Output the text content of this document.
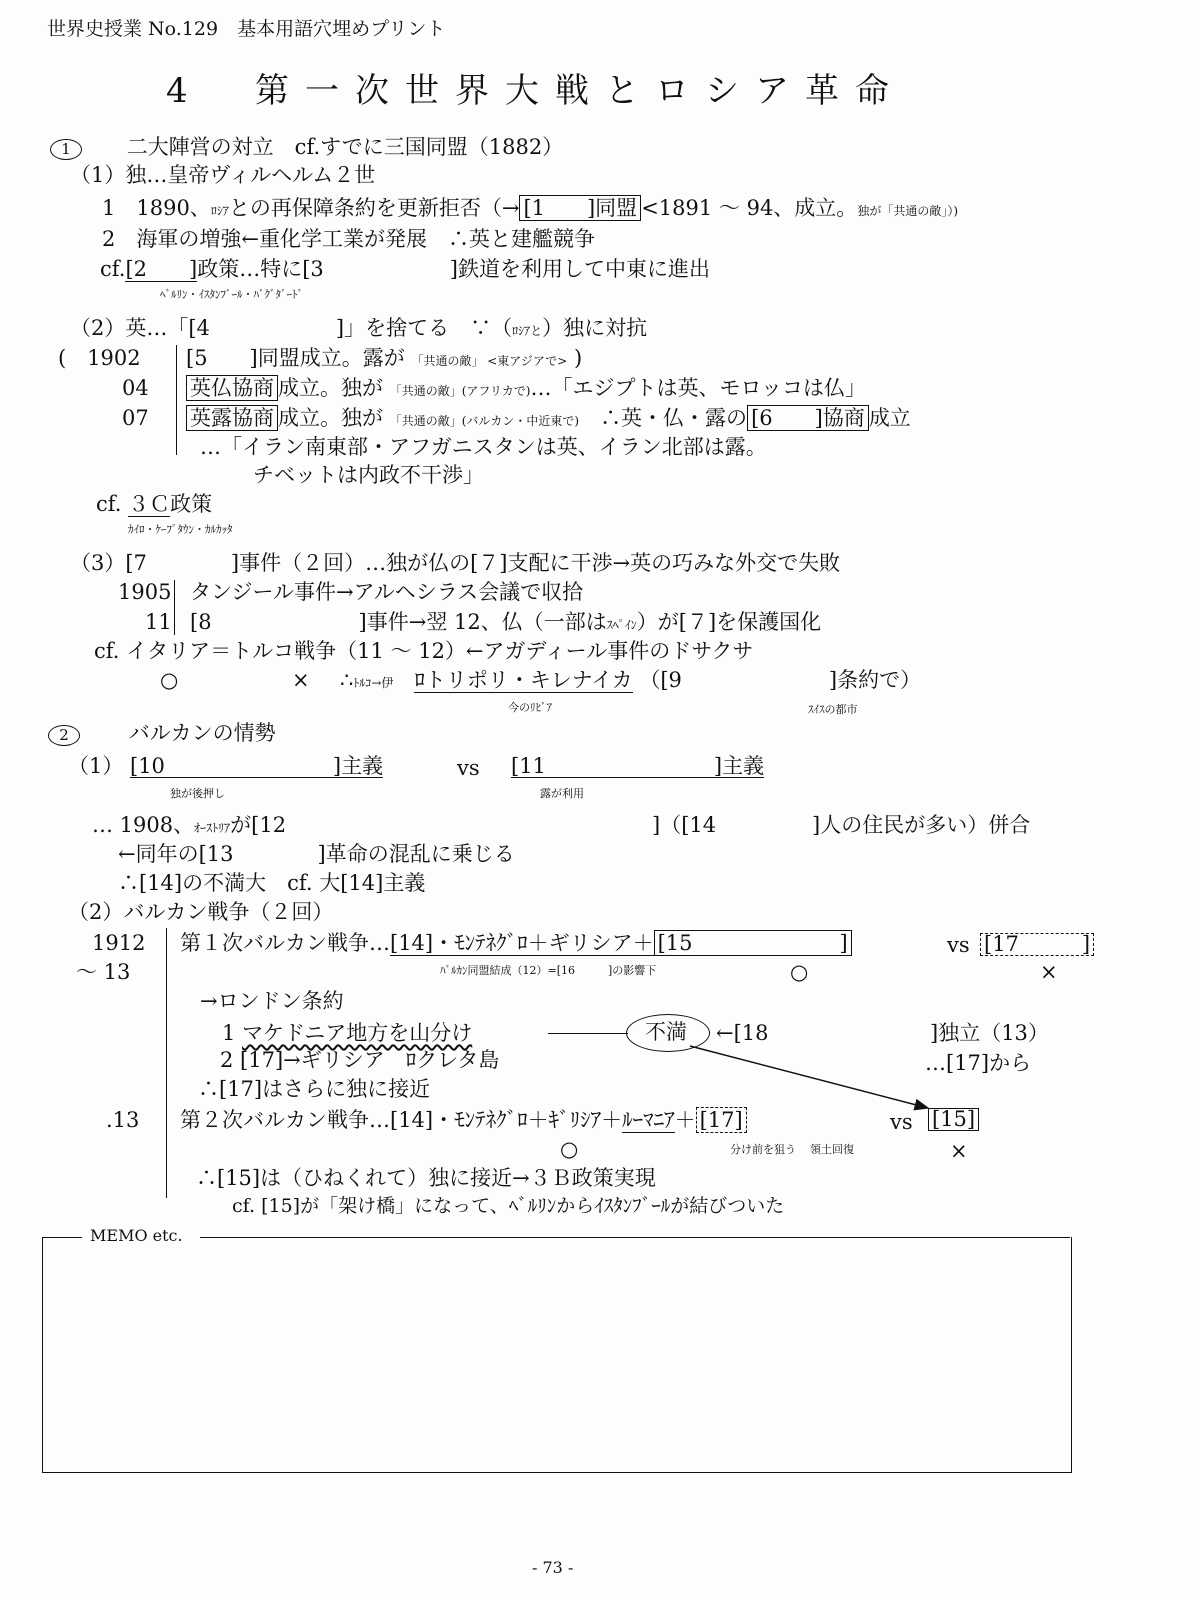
世界史授業 No.129　基本用語穴埋めプリント
4 第一次世界大戦とロシア革命
1	二大陣営の対立　cf.すでに三国同盟（1882）
（1）独…皇帝ヴィルヘルム２世
1　1890、ﾛｼｱとの再保障条約を更新拒否（→ [1　　]同盟 <1891 ～ 94、成立。独が「共通の敵」）)
2　海軍の増強←重化学工業が発展　∴英と建艦競争
cf.[2　　]政策…特に[3　　　　　　]鉄道を利用して中東に進出
ﾍﾞﾙﾘﾝ・ｲｽﾀﾝﾌﾞｰﾙ・ﾊﾞｸﾞﾀﾞｰﾄﾞ
（2）英…「[4　　　　　　]」を捨てる　∵（ﾛｼｱと）独に対抗
(　1902 [5　　]同盟成立。露が 「共通の敵」 <東アジアで> )
04 英仏協商 成立。独が 「共通の敵」(アフリカで)…「エジプトは英、モロッコは仏」
07 英露協商 成立。独が 「共通の敵」(バルカン・中近東で)　 ∴英・仏・露の [6　　]協商 成立
…「イラン南東部・アフガニスタンは英、イラン北部は露。
チベットは内政不干渉」
cf. ３Ｃ政策
ｶｲﾛ・ｹｰﾌﾟﾀｳﾝ・ｶﾙｶｯﾀ
（3）[7　　　　]事件（２回）…独が仏の[７]支配に干渉→英の巧みな外交で失敗
1905 タンジール事件→アルヘシラス会議で収拾
11 [8　　　　　　　]事件→翌 12、仏（一部はｽﾍﾟｲﾝ）が[７]を保護国化
cf. イタリア＝トルコ戦争（11 ～ 12）←アガディール事件のドサクサ
○	× ∴ﾄﾙｺ→伊　 ﾛトリポリ・キレナイカ （[9　　　　　　　]条約で）
今のﾘﾋﾞｱ	ｽｲｽの都市
2	バルカンの情勢
（1） [10　　　　　　　　]主義	vs [11　　　　　　　　]主義
独が後押し	露が利用
… 1908、ｵｰｽﾄﾘｱが[12	]（[14	]人の住民が多い）併合
←同年の[13　　　　]革命の混乱に乗じる
∴[14]の不満大　cf. 大[14]主義
（2）バルカン戦争（２回）
1912
～ 13
第１次バルカン戦争…[14]・ﾓﾝﾃﾈｸﾞﾛ＋ギリシア＋ [15　　　　　　　]	vs [17　　　]
ﾊﾞﾙｶﾝ同盟結成（12）=[16　　　]の影響下	○	×
→ロンドン条約
1 マケドニア地方を山分け	不満 ←[18	]独立（13）
2 [17]→ギリシア　ﾛクレタ島	…[17]から
∴[17]はさらに独に接近
.13 第２次バルカン戦争…[14]・ﾓﾝﾃﾈｸﾞﾛ＋ｷﾞﾘｼｱ＋ﾙｰﾏﾆｱ＋ [17]	vs [15]
分け前を狙う 領土回復
○	×
∴[15]は（ひねくれて）独に接近→３Ｂ政策実現
cf. [15]が「架け橋」になって、ﾍﾞﾙﾘﾝからｲｽﾀﾝﾌﾞｰﾙが結びついた
MEMO etc.
- 73 -
